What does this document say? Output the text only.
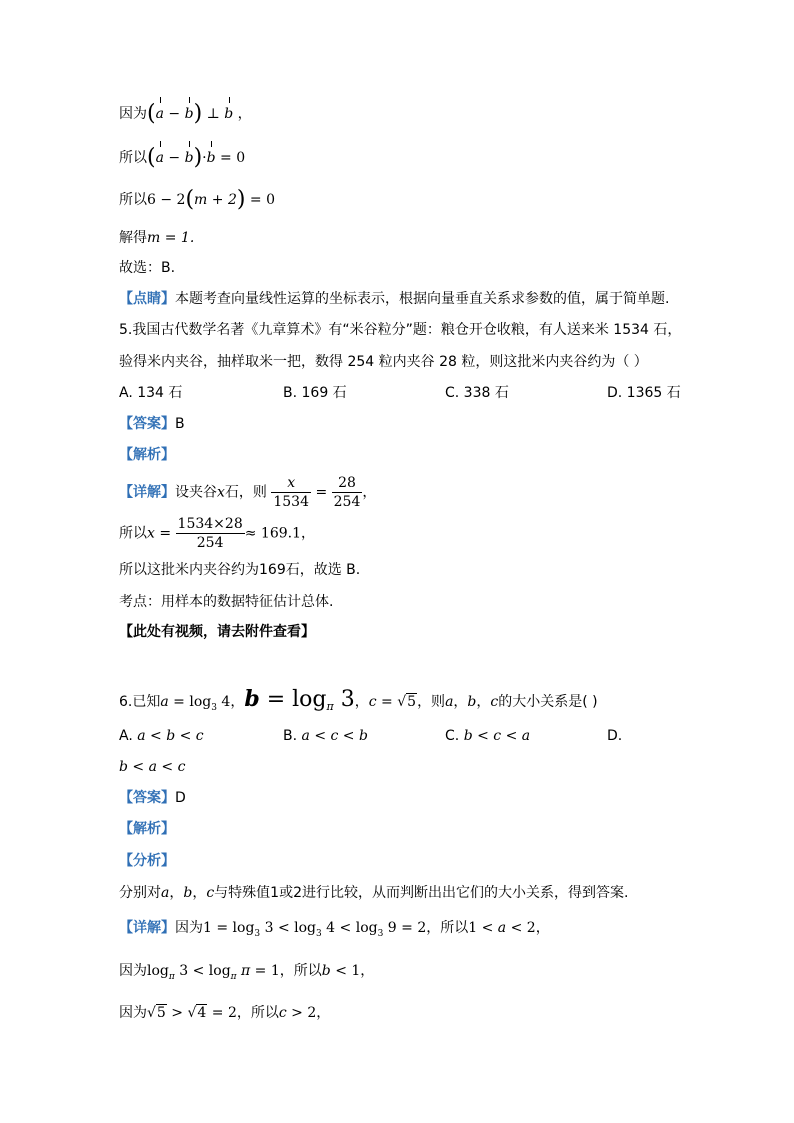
因为(a − b) ⊥ b ，
所以(a − b)·b = 0
所以6 − 2(m + 2) = 0
解得m = 1.
故选：B.
【点睛】本题考查向量线性运算的坐标表示，根据向量垂直关系求参数的值，属于简单题.
5.我国古代数学名著《九章算术》有“米谷粒分”题：粮仓开仓收粮，有人送来米 1534 石，
验得米内夹谷，抽样取米一把，数得 254 粒内夹谷 28 粒，则这批米内夹谷约为（ ）
A. 134 石	B. 169 石	C. 338 石	D. 1365 石
【答案】B
【解析】
【详解】设夹谷x石，则 $\frac{x}{1534} = \frac{28}{254}$ ，
所以$x = \frac{1534\times 28}{254} \approx 169.1$，
所以这批米内夹谷约为169石，故选 B.
考点：用样本的数据特征估计总体.
【此处有视频，请去附件查看】
6.已知$a = \log_3 4$，$b = \log_\pi 3$，c = √5，则a，b，c的大小关系是( )
A. a < b < c	B. a < c < b	C. b < c < a	D.
b < a < c
【答案】D
【解析】
【分析】
分别对a，b，c与特殊值1或2进行比较，从而判断出出它们的大小关系，得到答案.
【详解】因为$1 = \log_3 3 < \log_3 4 < \log_3 9 = 2$，所以1 < a < 2，
因为$\log_\pi 3 < \log_\pi \pi = 1$，所以b < 1，
因为√5 > √4 = 2，所以c > 2，
